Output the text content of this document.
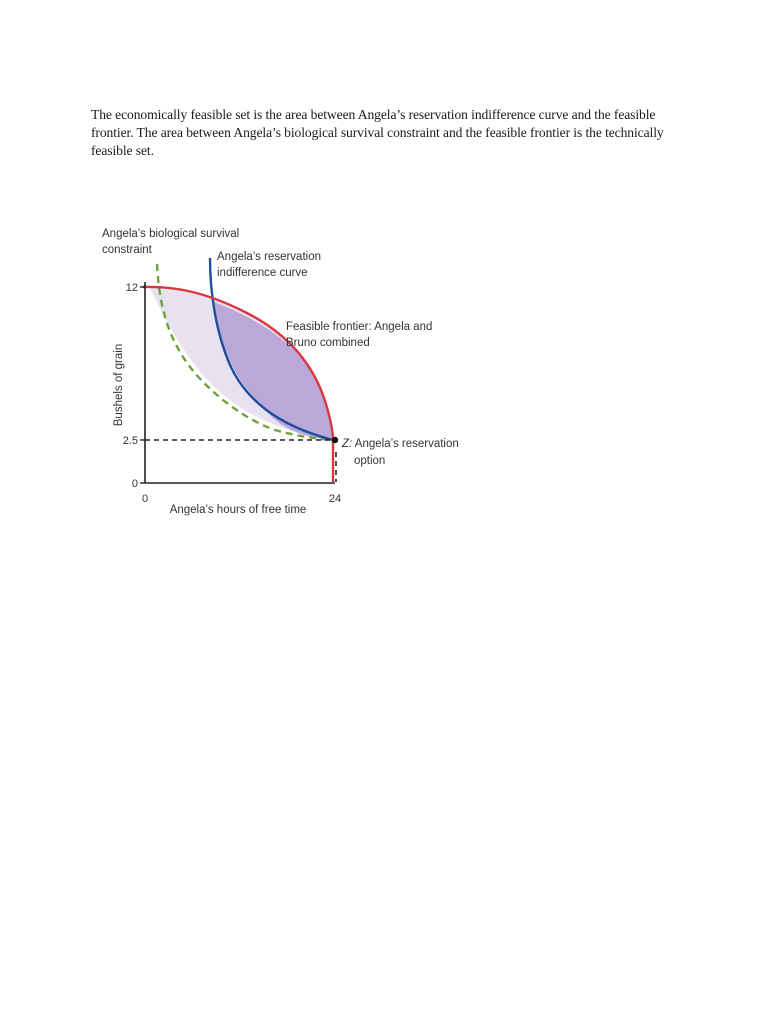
The economically feasible set is the area between Angela’s reservation indifference curve and the feasible frontier. The area between Angela’s biological survival constraint and the feasible frontier is the technically feasible set.

12
2.5
0
0	24
Bushels of grain
Angela’s hours of free time
Angela’s biological survival
constraint
Angela’s reservation
indifference curve
Feasible frontier: Angela and
Bruno combined
Z: Angela’s reservation
option
